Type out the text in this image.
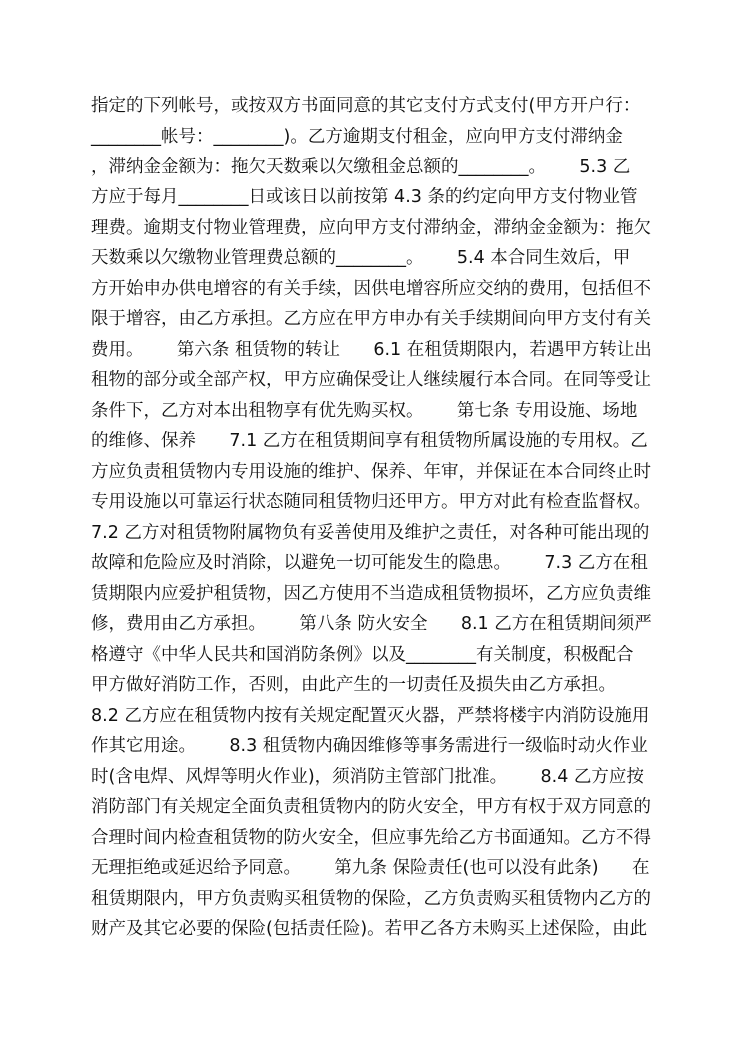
指定的下列帐号，或按双方书面同意的其它支付方式支付(甲方开户行：
________帐号：________)。乙方逾期支付租金，应向甲方支付滞纳金
，滞纳金金额为：拖欠天数乘以欠缴租金总额的________。      5.3 乙
方应于每月________日或该日以前按第 4.3 条的约定向甲方支付物业管
理费。逾期支付物业管理费，应向甲方支付滞纳金，滞纳金金额为：拖欠
天数乘以欠缴物业管理费总额的________。      5.4 本合同生效后，甲
方开始申办供电增容的有关手续，因供电增容所应交纳的费用，包括但不
限于增容，由乙方承担。乙方应在甲方申办有关手续期间向甲方支付有关
费用。      第六条 租赁物的转让      6.1 在租赁期限内，若遇甲方转让出
租物的部分或全部产权，甲方应确保受让人继续履行本合同。在同等受让
条件下，乙方对本出租物享有优先购买权。      第七条 专用设施、场地
的维修、保养      7.1 乙方在租赁期间享有租赁物所属设施的专用权。乙
方应负责租赁物内专用设施的维护、保养、年审，并保证在本合同终止时
专用设施以可靠运行状态随同租赁物归还甲方。甲方对此有检查监督权。
7.2 乙方对租赁物附属物负有妥善使用及维护之责任，对各种可能出现的
故障和危险应及时消除，以避免一切可能发生的隐患。      7.3 乙方在租
赁期限内应爱护租赁物，因乙方使用不当造成租赁物损坏，乙方应负责维
修，费用由乙方承担。      第八条 防火安全      8.1 乙方在租赁期间须严
格遵守《中华人民共和国消防条例》以及________有关制度，积极配合
甲方做好消防工作，否则，由此产生的一切责任及损失由乙方承担。
8.2 乙方应在租赁物内按有关规定配置灭火器，严禁将楼宇内消防设施用
作其它用途。      8.3 租赁物内确因维修等事务需进行一级临时动火作业
时(含电焊、风焊等明火作业)，须消防主管部门批准。      8.4 乙方应按
消防部门有关规定全面负责租赁物内的防火安全，甲方有权于双方同意的
合理时间内检查租赁物的防火安全，但应事先给乙方书面通知。乙方不得
无理拒绝或延迟给予同意。      第九条 保险责任(也可以没有此条)      在
租赁期限内，甲方负责购买租赁物的保险，乙方负责购买租赁物内乙方的
财产及其它必要的保险(包括责任险)。若甲乙各方未购买上述保险，由此
